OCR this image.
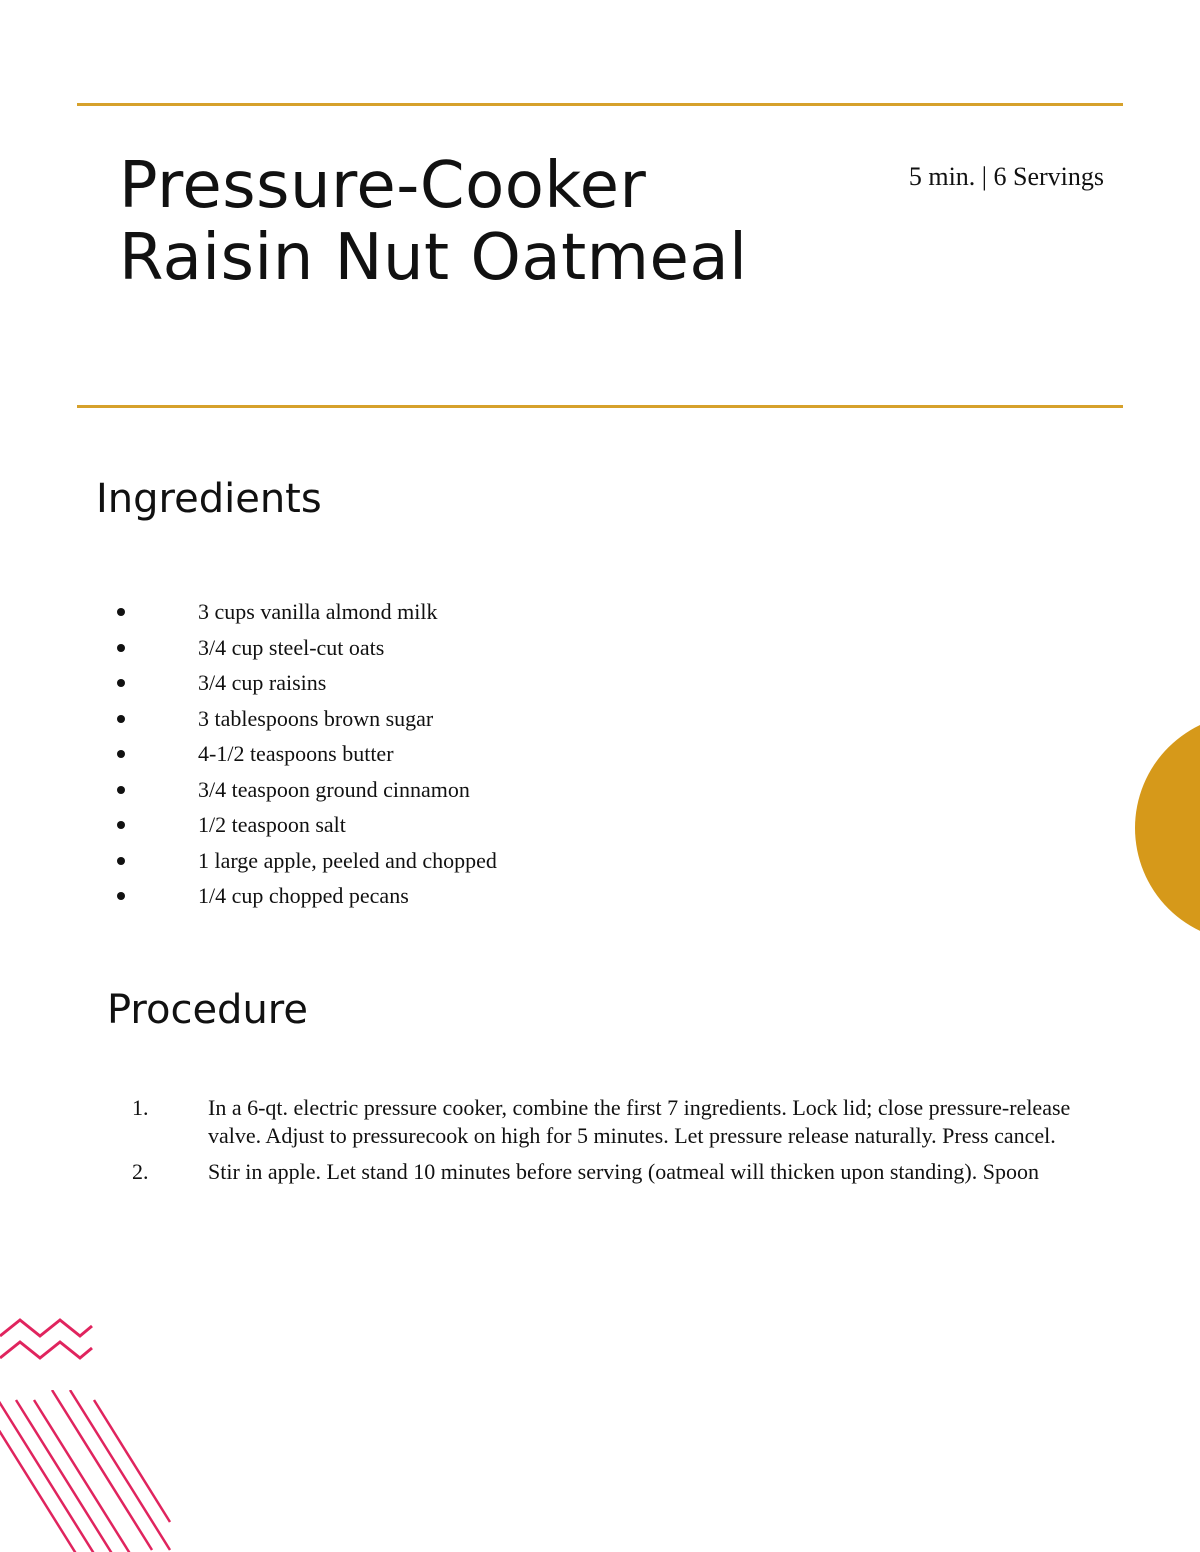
Pressure-Cooker
Raisin Nut Oatmeal
5 min. | 6 Servings
Ingredients
3 cups vanilla almond milk
3/4 cup steel-cut oats
3/4 cup raisins
3 tablespoons brown sugar
4-1/2 teaspoons butter
3/4 teaspoon ground cinnamon
1/2 teaspoon salt
1 large apple, peeled and chopped
1/4 cup chopped pecans
Procedure
1.	In a 6-qt. electric pressure cooker, combine the first 7 ingredients. Lock lid; close pressure-release valve. Adjust to pressurecook on high for 5 minutes. Let pressure release naturally. Press cancel.
2.	Stir in apple. Let stand 10 minutes before serving (oatmeal will thicken upon standing). Spoon
